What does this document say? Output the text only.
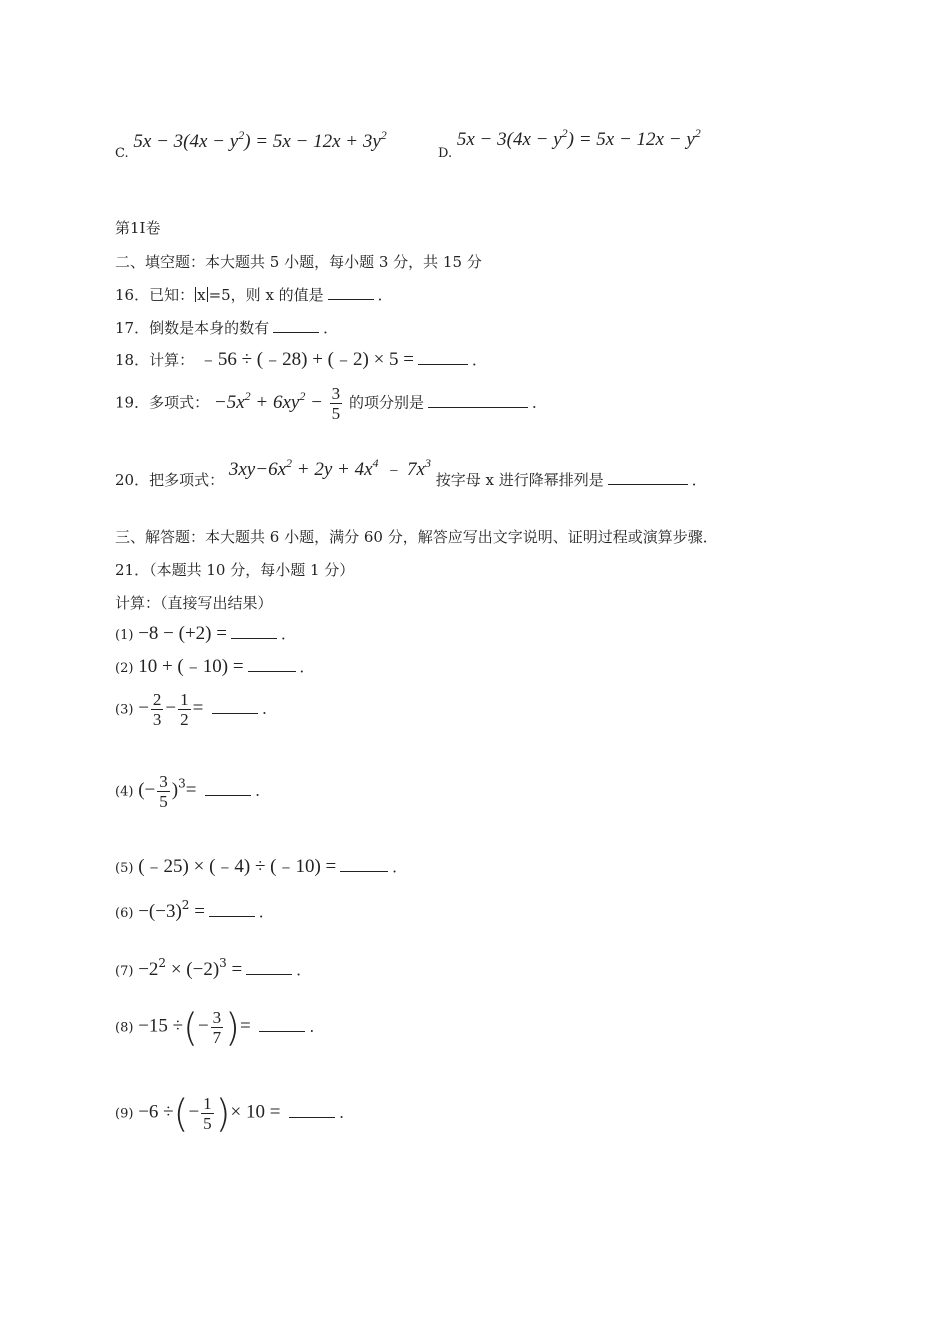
C. $5x - 3(4x - y^2) = 5x - 12x + 3y^2$
D. $5x - 3(4x - y^2) = 5x - 12x - y^2$
第1I卷
二、填空题：本大题共 5 小题，每小题 3 分，共 15 分
16．已知： x =5，则 x 的值是	．
17．倒数是本身的数有	．
18．计算： ﹣56 ÷ (﹣28) + (﹣2) × 5 =	．
19．多项式： $-5x^2 + 6xy^2 - \frac{3}{5}$ 的项分别是	．
20．把多项式： $3xy-6x^2 + 2y + 4x^4$ ﹣ $7x^3$ 按字母 x 进行降幂排列是	．
三、解答题：本大题共 6 小题，满分 60 分，解答应写出文字说明、证明过程或演算步骤．
21．（本题共 10 分，每小题 1 分）
计算：（直接写出结果）
(1) −8 − (+2) =	．
(2) 10 + (﹣10) =	．
$(3) - \frac{2}{3} - \frac{1}{2}$ =	．
(4) (− $\frac{3}{5} )^3=$	．
(5) (﹣25) × (﹣4) ÷ (﹣10) =	．
$(6) -(-3)^2$ =	．
$(7) -2^2 \times (-2)^3$ =	．
(8) −15 ÷(− $\frac{3}{7}$ )=	．
(9) −6 ÷(− $\frac{1}{5}$ )× 10 =	．
